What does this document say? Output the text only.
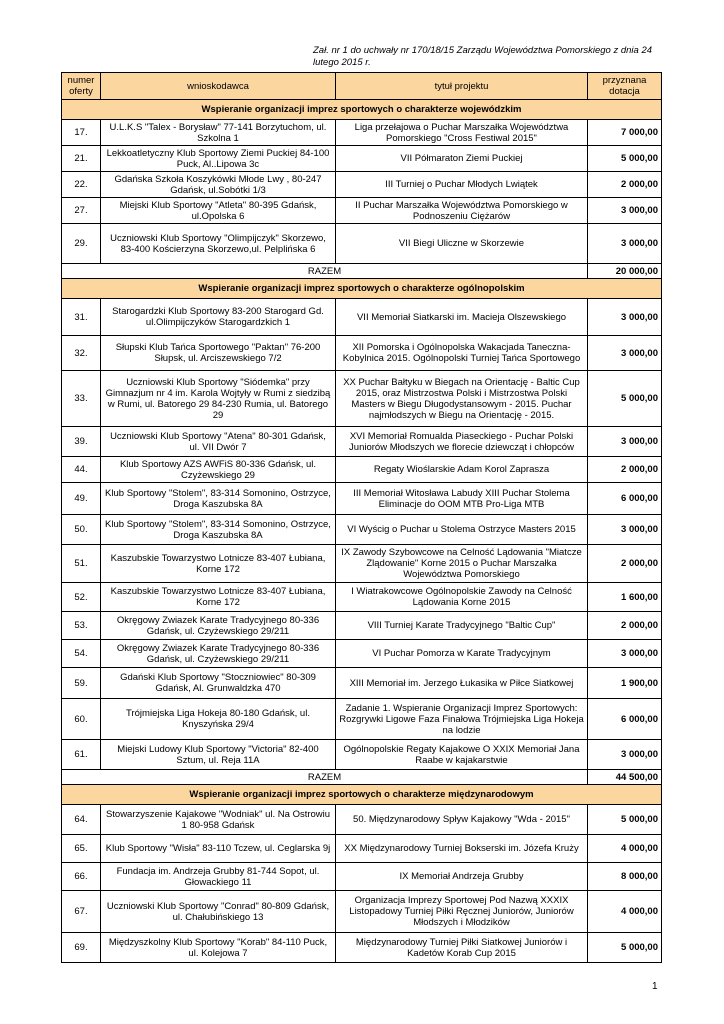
Zał. nr 1 do uchwały nr 170/18/15 Zarządu Województwa Pomorskiego z dnia 24
lutego 2015 r.
numer oferty	wnioskodawca	tytuł projektu	przyznana dotacja
Wspieranie organizacji imprez sportowych o charakterze wojewódzkim			
17.	U.L.K.S "Talex - Borysław" 77-141 Borzytuchom, ul. Szkolna 1	Liga przełajowa o Puchar Marszałka Województwa Pomorskiego "Cross Festiwal 2015"	7 000,00
21.	Lekkoatletyczny Klub Sportowy Ziemi Puckiej 84-100 Puck, Al..Lipowa 3c	VII Półmaraton Ziemi Puckiej	5 000,00
22.	Gdańska Szkoła Koszykówki Młode Lwy , 80-247 Gdańsk, ul.Sobótki 1/3	III Turniej o Puchar Młodych Lwiątek	2 000,00
27.	Miejski Klub Sportowy "Atleta" 80-395 Gdańsk, ul.Opolska 6	II Puchar Marszałka Województwa Pomorskiego w Podnoszeniu Ciężarów	3 000,00
29.	Uczniowski Klub Sportowy "Olimpijczyk" Skorzewo, 83-400 Kościerzyna Skorzewo,ul. Pelplińska 6	VII Biegi Uliczne w Skorzewie	3 000,00
RAZEM			20 000,00
Wspieranie organizacji imprez sportowych o charakterze ogólnopolskim			
31.	Starogardzki Klub Sportowy 83-200 Starogard Gd. ul.Olimpijczyków Starogardzkich 1	VII Memoriał Siatkarski im. Macieja Olszewskiego	3 000,00
32.	Słupski Klub Tańca Sportowego "Paktan" 76-200 Słupsk, ul. Arciszewskiego 7/2	XII Pomorska i Ogólnopolska Wakacjada Taneczna- Kobylnica 2015. Ogólnopolski Turniej Tańca Sportowego	3 000,00
33.	Uczniowski Klub Sportowy "Siódemka" przy Gimnazjum nr 4 im. Karola Wojtyły w Rumi z siedzibą w Rumi, ul. Batorego 29 84-230 Rumia, ul. Batorego 29	XX Puchar Bałtyku w Biegach na Orientację - Baltic Cup 2015, oraz Mistrzostwa Polski i Mistrzostwa Polski Masters w Biegu Długodystansowym - 2015. Puchar najmłodszych w Biegu na Orientację - 2015.	5 000,00
39.	Uczniowski Klub Sportowy "Atena" 80-301 Gdańsk, ul. VII Dwór 7	XVI Memoriał Romualda Piaseckiego - Puchar Polski Juniorów Młodszych we florecie dziewcząt i chłopców	3 000,00
44.	Klub Sportowy AZS AWFiS 80-336 Gdańsk, ul. Czyżewskiego 29	Regaty Wioślarskie Adam Korol Zaprasza	2 000,00
49.	Klub Sportowy "Stolem", 83-314 Somonino, Ostrzyce, Droga Kaszubska 8A	III Memoriał Witosława Labudy XIII Puchar Stolema Eliminacje do OOM MTB Pro-Liga MTB	6 000,00
50.	Klub Sportowy "Stolem", 83-314 Somonino, Ostrzyce, Droga Kaszubska 8A	VI Wyścig o Puchar u Stolema Ostrzyce Masters 2015	3 000,00
51.	Kaszubskie Towarzystwo Lotnicze 83-407 Łubiana, Korne 172	IX Zawody Szybowcowe na Celność Lądowania "Miatcze Zlądowanie" Korne 2015 o Puchar Marszałka Województwa Pomorskiego	2 000,00
52.	Kaszubskie Towarzystwo Lotnicze 83-407 Łubiana, Korne 172	I Wiatrakowcowe Ogólnopolskie Zawody na Celność Lądowania Korne 2015	1 600,00
53.	Okręgowy Zwiazek Karate Tradycyjnego 80-336 Gdańsk, ul. Czyżewskiego 29/211	VIII Turniej Karate Tradycyjnego "Baltic Cup"	2 000,00
54.	Okręgowy Zwiazek Karate Tradycyjnego 80-336 Gdańsk, ul. Czyżewskiego 29/211	VI Puchar Pomorza w Karate Tradycyjnym	3 000,00
59.	Gdański Klub Sportowy "Stoczniowiec" 80-309 Gdańsk, Al. Grunwaldzka 470	XIII Memoriał im. Jerzego Łukasika w Piłce Siatkowej	1 900,00
60.	Trójmiejska Liga Hokeja 80-180 Gdańsk, ul. Knyszyńska 29/4	Zadanie 1. Wspieranie Organizacji Imprez Sportowych: Rozgrywki Ligowe Faza Finałowa Trójmiejska Liga Hokeja na lodzie	6 000,00
61.	Miejski Ludowy Klub Sportowy "Victoria" 82-400 Sztum, ul. Reja 11A	Ogólnopolskie Regaty Kajakowe O XXIX Memoriał Jana Raabe w kajakarstwie	3 000,00
RAZEM			44 500,00
Wspieranie organizacji imprez sportowych o charakterze międzynarodowym			
64.	Stowarzyszenie Kajakowe "Wodniak" ul. Na Ostrowiu 1 80-958 Gdańsk	50. Międzynarodowy Spływ Kajakowy "Wda - 2015"	5 000,00
65.	Klub Sportowy "Wisła" 83-110 Tczew, ul. Ceglarska 9j	XX Międzynarodowy Turniej Bokserski im. Józefa Kruży	4 000,00
66.	Fundacja im. Andrzeja Grubby 81-744 Sopot, ul. Głowackiego 11	IX Memoriał Andrzeja Grubby	8 000,00
67.	Uczniowski Klub Sportowy "Conrad" 80-809 Gdańsk, ul. Chałubińskiego 13	Organizacja Imprezy Sportowej Pod Nazwą XXXIX Listopadowy Turniej Piłki Ręcznej Juniorów, Juniorów Młodszych i Młodzików	4 000,00
69.	Międzyszkolny Klub Sportowy "Korab" 84-110 Puck, ul. Kolejowa 7	Międzynarodowy Turniej Piłki Siatkowej Juniorów i Kadetów Korab Cup 2015	5 000,00
1
